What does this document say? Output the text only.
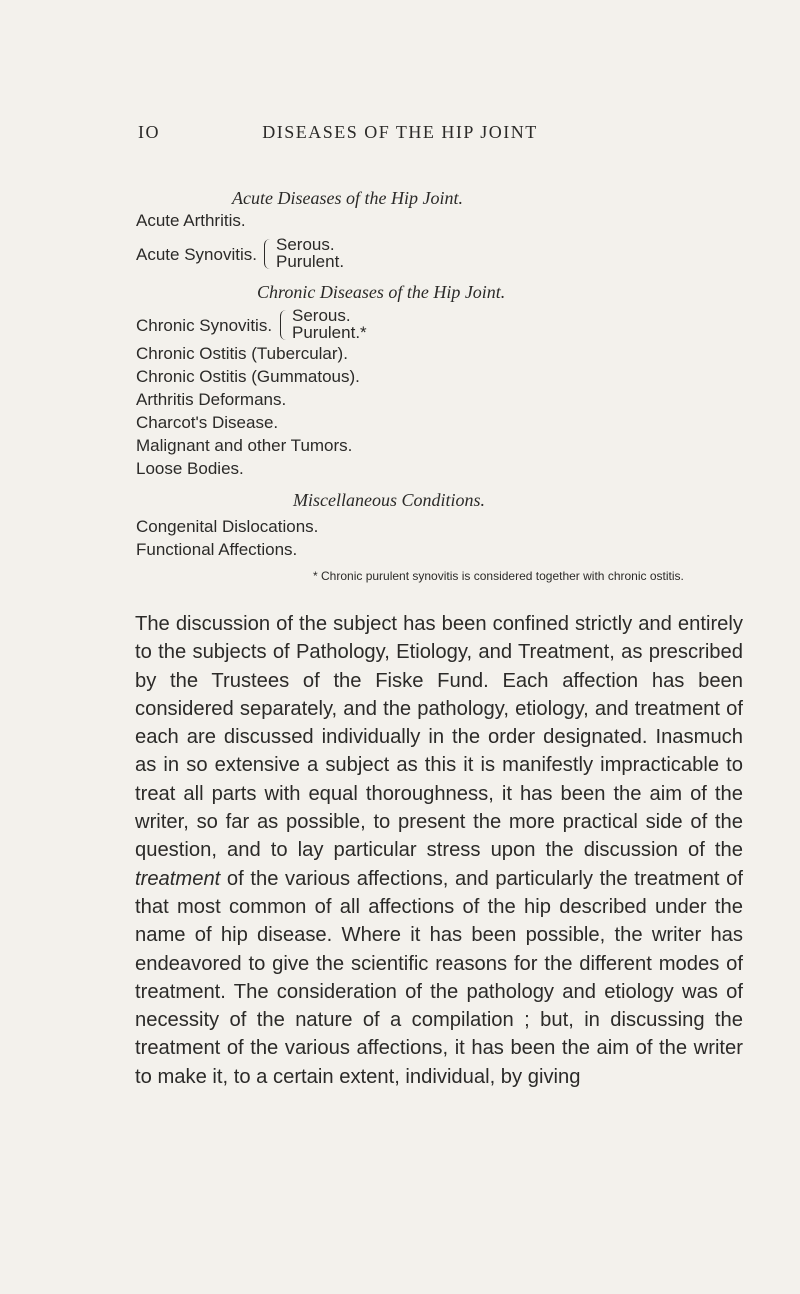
IO	DISEASES OF THE HIP JOINT
Acute Diseases of the Hip Joint.
Acute Arthritis.
Acute Synovitis.
Serous.
Purulent.
Chronic Diseases of the Hip Joint.
Chronic Synovitis.
Serous.
Purulent.*
Chronic Ostitis (Tubercular).
Chronic Ostitis (Gummatous).
Arthritis Deformans.
Charcot's Disease.
Malignant and other Tumors.
Loose Bodies.
Miscellaneous Conditions.
Congenital Dislocations.
Functional Affections.
* Chronic purulent synovitis is considered together with chronic ostitis.

The discussion of the subject has been confined strictly and entirely to the subjects of Pathology, Etiology, and Treatment, as prescribed by the Trustees of the Fiske Fund. Each affection has been considered separately, and the pathology, etiology, and treatment of each are discussed individually in the order designated. Inasmuch as in so extensive a subject as this it is manifestly impracticable to treat all parts with equal thoroughness, it has been the aim of the writer, so far as possible, to present the more practical side of the question, and to lay particular stress upon the discussion of the treatment of the various affections, and particularly the treatment of that most common of all affections of the hip described under the name of hip disease. Where it has been possible, the writer has endeavored to give the scientific reasons for the different modes of treatment. The consideration of the pathology and etiology was of necessity of the nature of a compilation ; but, in discussing the treatment of the various affections, it has been the aim of the writer to make it, to a certain extent, individual, by giving
